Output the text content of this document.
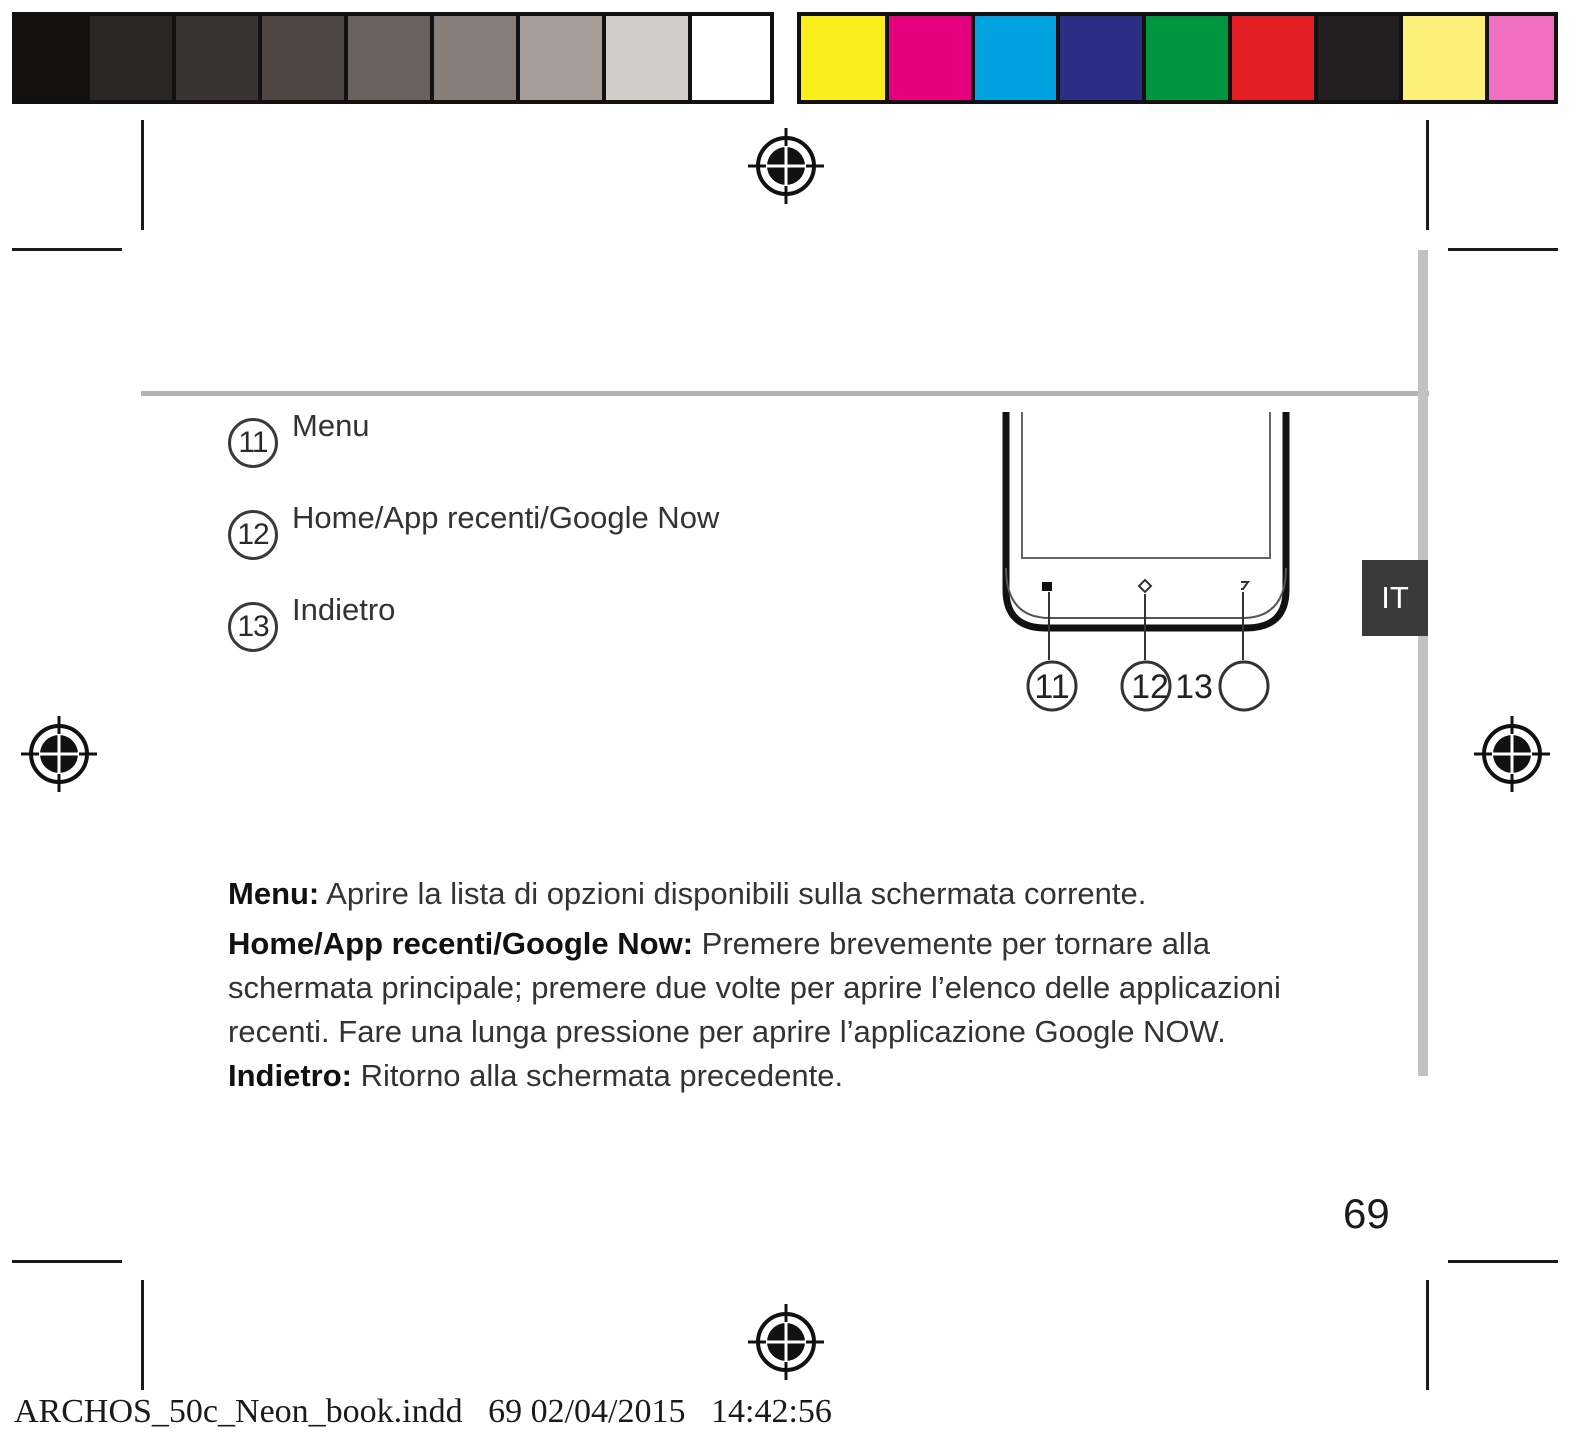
11 Menu
12 Home/App recenti/Google Now
13 Indietro
11 12 13
IT

Menu: Aprire la lista di opzioni disponibili sulla schermata corrente.

Home/App recenti/Google Now: Premere brevemente per tornare alla schermata principale; premere due volte per aprire l’elenco delle applicazioni recenti. Fare una lunga pressione per aprire l’applicazione Google NOW.

Indietro: Ritorno alla schermata precedente.

69
ARCHOS_50c_Neon_book.indd   69 02/04/2015   14:42:56
